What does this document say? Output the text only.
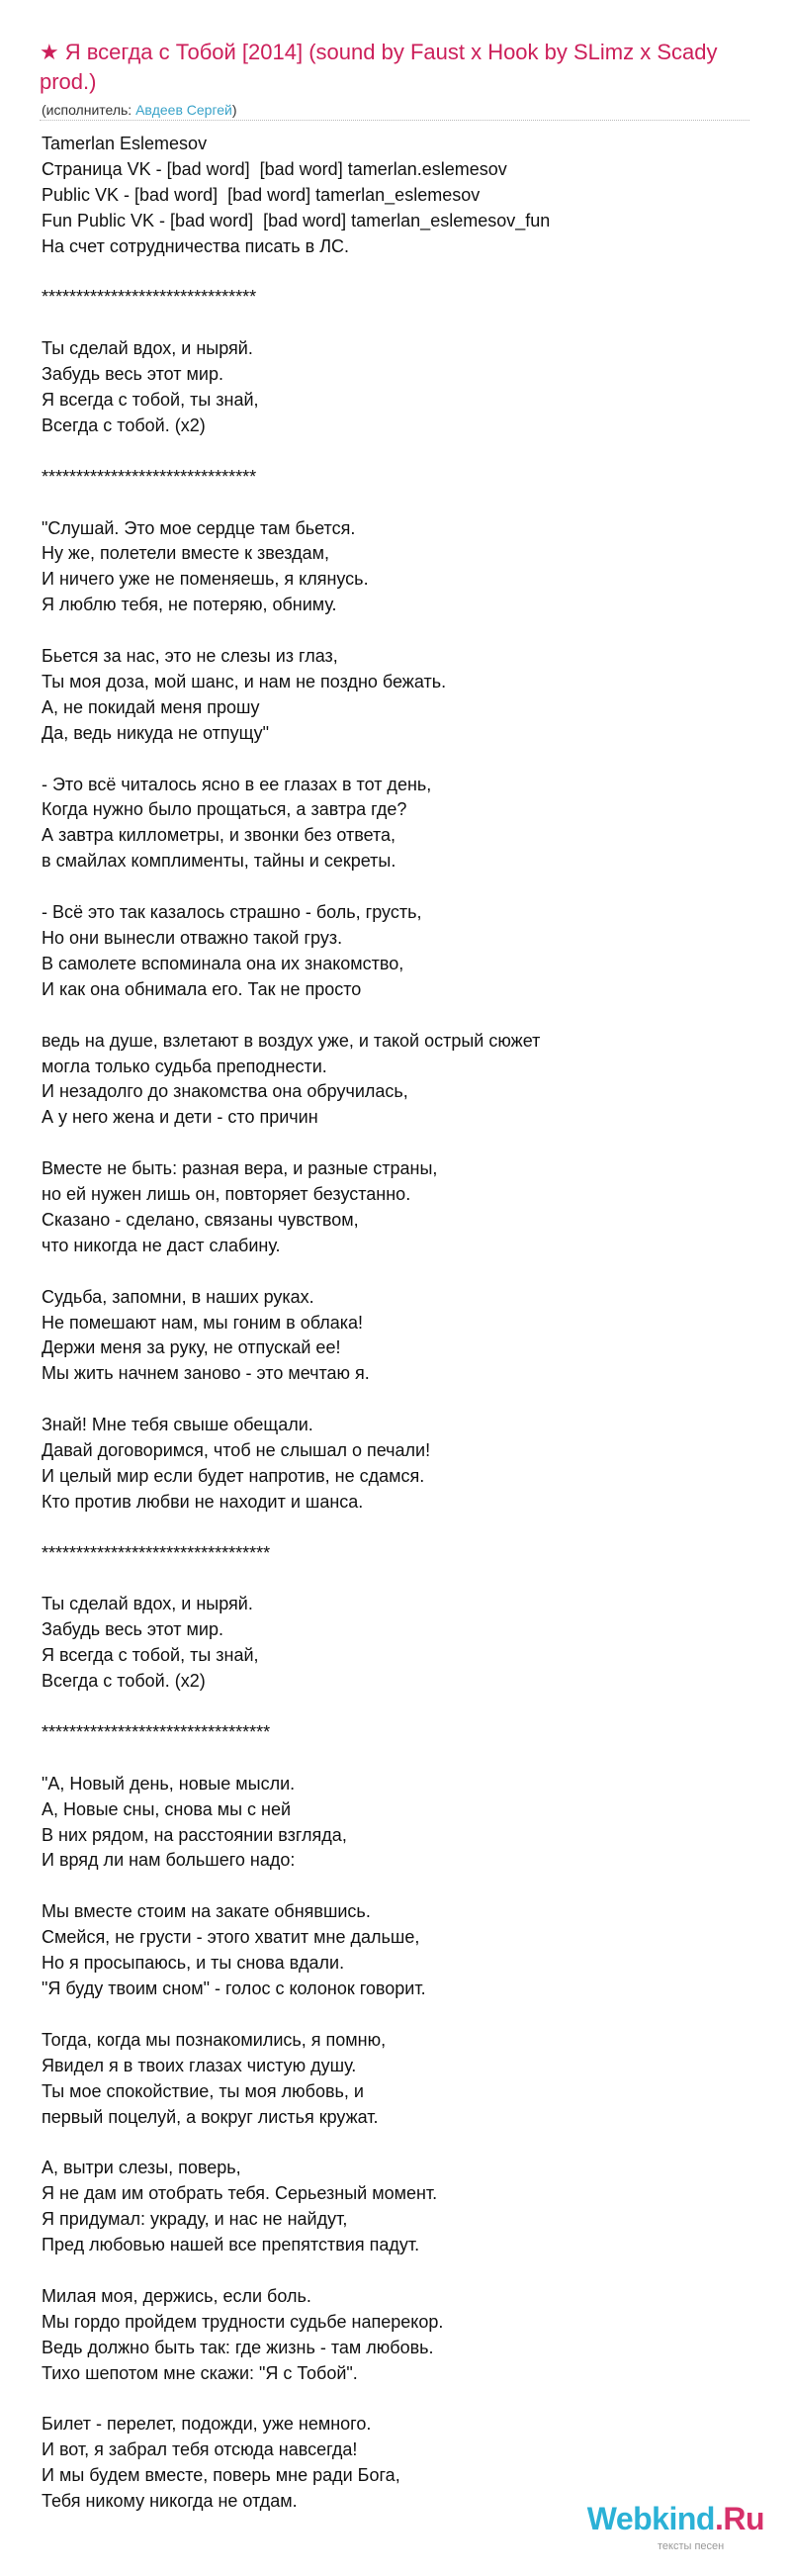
★ Я всегда с Тобой [2014] (sound by Faust x Hook by SLimz x Scady prod.)
(исполнитель: Авдеев Сергей)
Tamerlan Eslemesov
Страница VK - [bad word]  [bad word] tamerlan.eslemesov
Public VK - [bad word]  [bad word] tamerlan_eslemesov
Fun Public VK - [bad word]  [bad word] tamerlan_eslemesov_fun
На счет сотрудничества писать в ЛС.
*******************************
Ты сделай вдох, и ныряй.
Забудь весь этот мир.
Я всегда с тобой, ты знай,
Всегда с тобой. (x2)
*******************************
"Слушай. Это мое сердце там бьется.
Ну же, полетели вместе к звездам,
И ничего уже не поменяешь, я клянусь.
Я люблю тебя, не потеряю, обниму.
Бьется за нас, это не слезы из глаз,
Ты моя доза, мой шанс, и нам не поздно бежать.
А, не покидай меня прошу
Да, ведь никуда не отпущу"
- Это всё читалось ясно в ее глазах в тот день,
Когда нужно было прощаться, а завтра где?
А завтра киллометры, и звонки без ответа,
в смайлах комплименты, тайны и секреты.
- Всё это так казалось страшно - боль, грусть,
Но они вынесли отважно такой груз.
В самолете вспоминала она их знакомство,
И как она обнимала его. Так не просто
ведь на душе, взлетают в воздух уже, и такой острый сюжет
могла только судьба преподнести.
И незадолго до знакомства она обручилась,
А у него жена и дети - сто причин
Вместе не быть: разная вера, и разные страны,
но ей нужен лишь он, повторяет безустанно.
Сказано - сделано, связаны чувством,
что никогда не даст слабину.
Судьба, запомни, в наших руках.
Не помешают нам, мы гоним в облака!
Держи меня за руку, не отпускай ее!
Мы жить начнем заново - это мечтаю я.
Знай! Мне тебя свыше обещали.
Давай договоримся, чтоб не слышал о печали!
И целый мир если будет напротив, не сдамся.
Кто против любви не находит и шанса.
*********************************
Ты сделай вдох, и ныряй.
Забудь весь этот мир.
Я всегда с тобой, ты знай,
Всегда с тобой. (x2)
*********************************
"А, Новый день, новые мысли.
А, Новые сны, снова мы с ней
В них рядом, на расстоянии взгляда,
И вряд ли нам большего надо:
Мы вместе стоим на закате обнявшись.
Смейся, не грусти - этого хватит мне дальше,
Но я просыпаюсь, и ты снова вдали.
"Я буду твоим сном" - голос с колонок говорит.
Тогда, когда мы познакомились, я помню,
Явидел я в твоих глазах чистую душу.
Ты мое спокойствие, ты моя любовь, и
первый поцелуй, а вокруг листья кружат.
А, вытри слезы, поверь,
Я не дам им отобрать тебя. Серьезный момент.
Я придумал: украду, и нас не найдут,
Пред любовью нашей все препятствия падут.
Милая моя, держись, если боль.
Мы гордо пройдем трудности судьбе наперекор.
Ведь должно быть так: где жизнь - там любовь.
Тихо шепотом мне скажи: "Я с Тобой".
Билет - перелет, подожди, уже немного.
И вот, я забрал тебя отсюда навсегда!
И мы будем вместе, поверь мне ради Бога,
Тебя никому никогда не отдам.	Webkind.Ru
тексты песен
